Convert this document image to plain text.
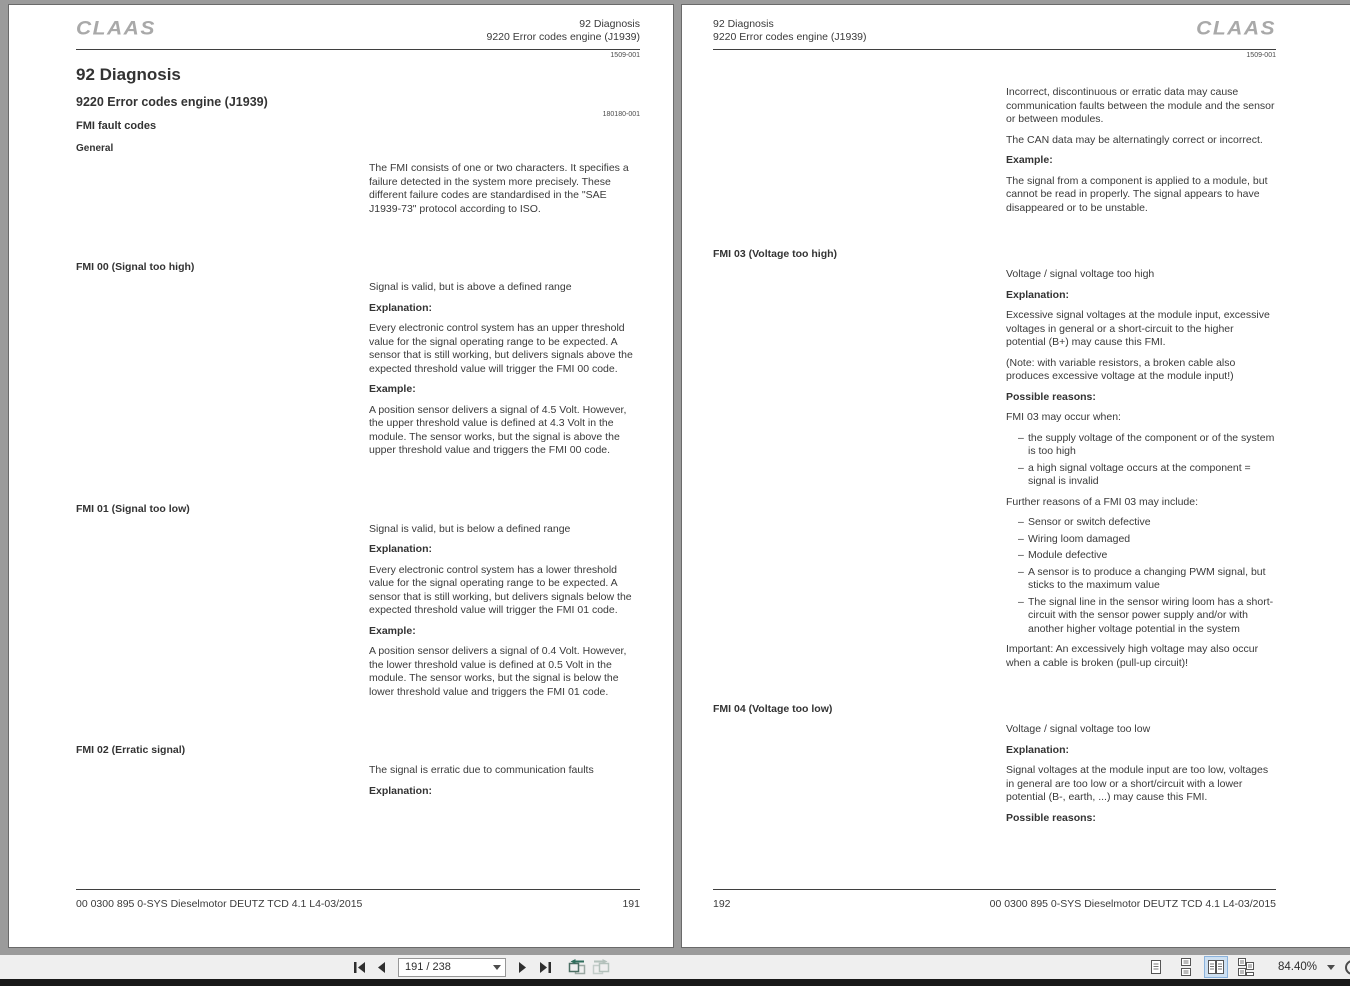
CLAAS	92 Diagnosis
9220 Error codes engine (J1939)
1509-001
92 Diagnosis
9220 Error codes engine (J1939)
180180-001
FMI fault codes
General

The FMI consists of one or two characters. It specifies a failure detected in the system more precisely. These different failure codes are standardised in the "SAE J1939-73" protocol according to ISO.

FMI 00 (Signal too high)

Signal is valid, but is above a defined range

Explanation:

Every electronic control system has an upper threshold value for the signal operating range to be expected. A sensor that is still working, but delivers signals above the expected threshold value will trigger the FMI 00 code.

Example:

A position sensor delivers a signal of 4.5 Volt. However, the upper threshold value is defined at 4.3 Volt in the module. The sensor works, but the signal is above the upper threshold value and triggers the FMI 00 code.

FMI 01 (Signal too low)

Signal is valid, but is below a defined range

Explanation:

Every electronic control system has a lower threshold value for the signal operating range to be expected. A sensor that is still working, but delivers signals below the expected threshold value will trigger the FMI 01 code.

Example:

A position sensor delivers a signal of 0.4 Volt. However, the lower threshold value is defined at 0.5 Volt in the module. The sensor works, but the signal is below the lower threshold value and triggers the FMI 01 code.

FMI 02 (Erratic signal)

The signal is erratic due to communication faults

Explanation:

00 0300 895 0-SYS Dieselmotor DEUTZ TCD 4.1 L4-03/2015	191
92 Diagnosis
9220 Error codes engine (J1939)	CLAAS
1509-001

Incorrect, discontinuous or erratic data may cause communication faults between the module and the sensor or between modules.

The CAN data may be alternatingly correct or incorrect.

Example:

The signal from a component is applied to a module, but cannot be read in properly. The signal appears to have disappeared or to be unstable.

FMI 03 (Voltage too high)

Voltage / signal voltage too high

Explanation:

Excessive signal voltages at the module input, excessive voltages in general or a short-circuit to the higher potential (B+) may cause this FMI.

(Note: with variable resistors, a broken cable also produces excessive voltage at the module input!)

Possible reasons:

FMI 03 may occur when:

– the supply voltage of the component or of the system is too high
– a high signal voltage occurs at the component = signal is invalid

Further reasons of a FMI 03 may include:

– Sensor or switch defective
– Wiring loom damaged
– Module defective
– A sensor is to produce a changing PWM signal, but sticks to the maximum value
– The signal line in the sensor wiring loom has a short-circuit with the sensor power supply and/or with another higher voltage potential in the system

Important: An excessively high voltage may also occur when a cable is broken (pull-up circuit)!

FMI 04 (Voltage too low)

Voltage / signal voltage too low

Explanation:

Signal voltages at the module input are too low, voltages in general are too low or a short/circuit with a lower potential (B-, earth, ...) may cause this FMI.

Possible reasons:

192	00 0300 895 0-SYS Dieselmotor DEUTZ TCD 4.1 L4-03/2015
191 / 238	84.40%
